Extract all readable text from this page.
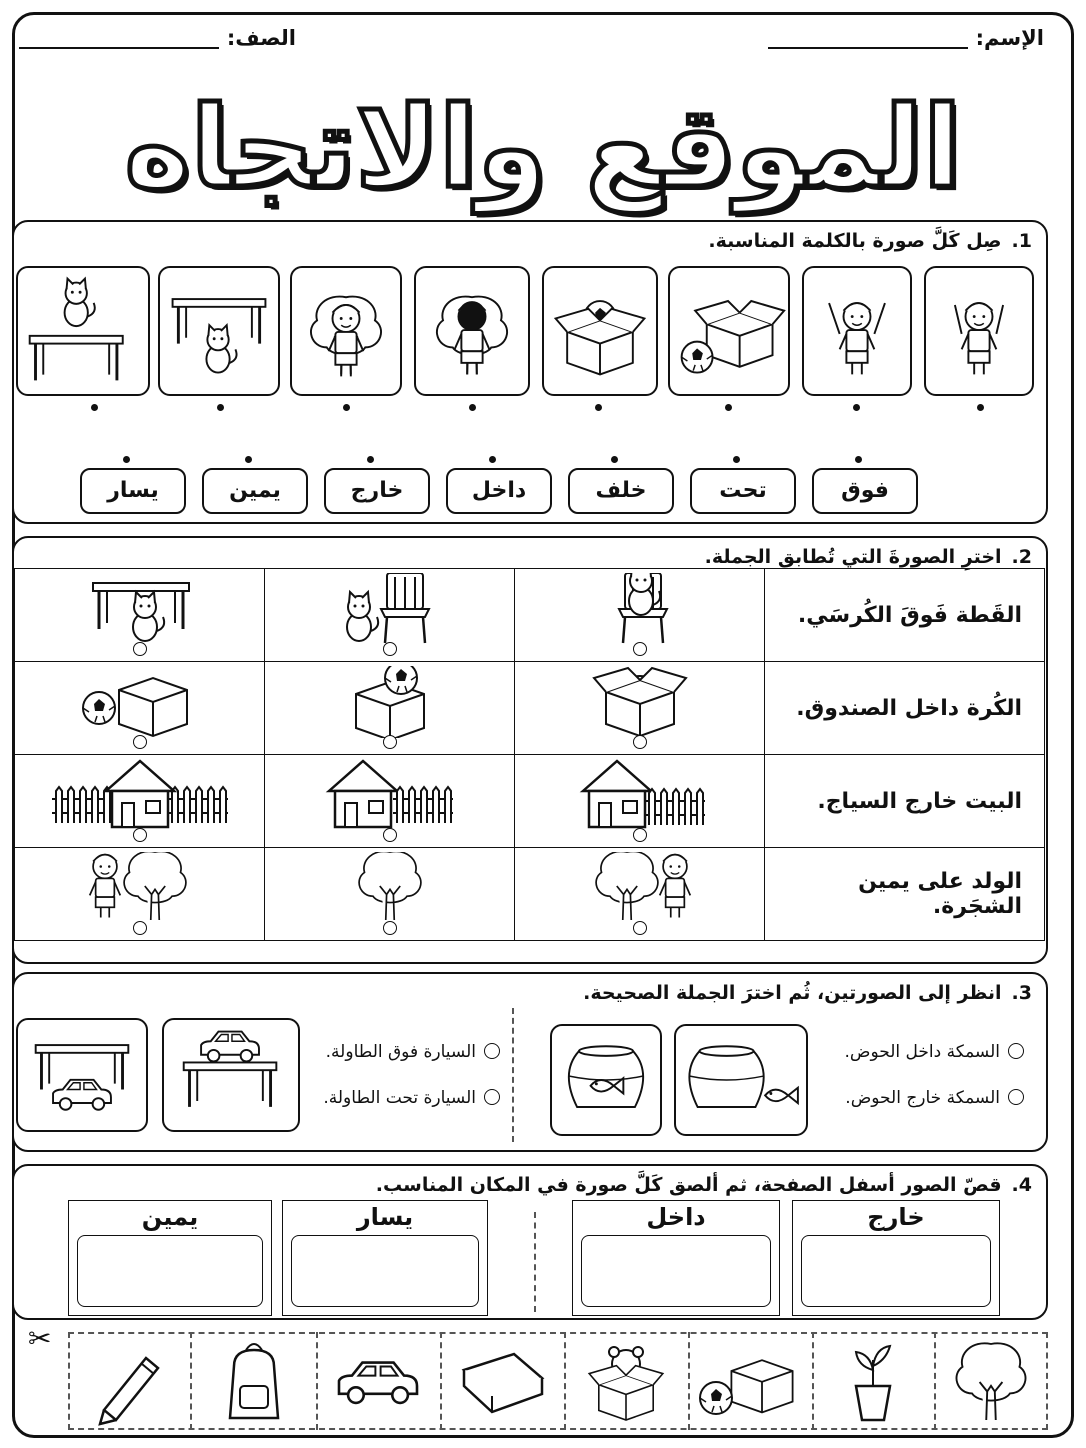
الإسم:
الصف:
الموقع والاتجاه
1.صِل كَلَّ صورة بالكلمة المناسبة.
فوق
تحت
خلف
داخل
خارج
يمين
يسار
2.اخترِ الصورةَ التي تُطابق الجملة.
القَطة فَوقَ الكُرسَي.	

الكُرة داخل الصندوق.	

البيت خارج السياج.	

الولد على يمين الشجَرة.	

3.انظر إلى الصورتين، ثُم اخترَ الجملة الصحيحة.
السمكة داخل الحوض.
السمكة خارج الحوض.
السيارة فوق الطاولة.
السيارة تحت الطاولة.
4.قصّ الصور أسفل الصفحة، ثم ألصق كَلَّ صورة في المكان المناسب.
خارج
داخل
يسار
يمين
✂
